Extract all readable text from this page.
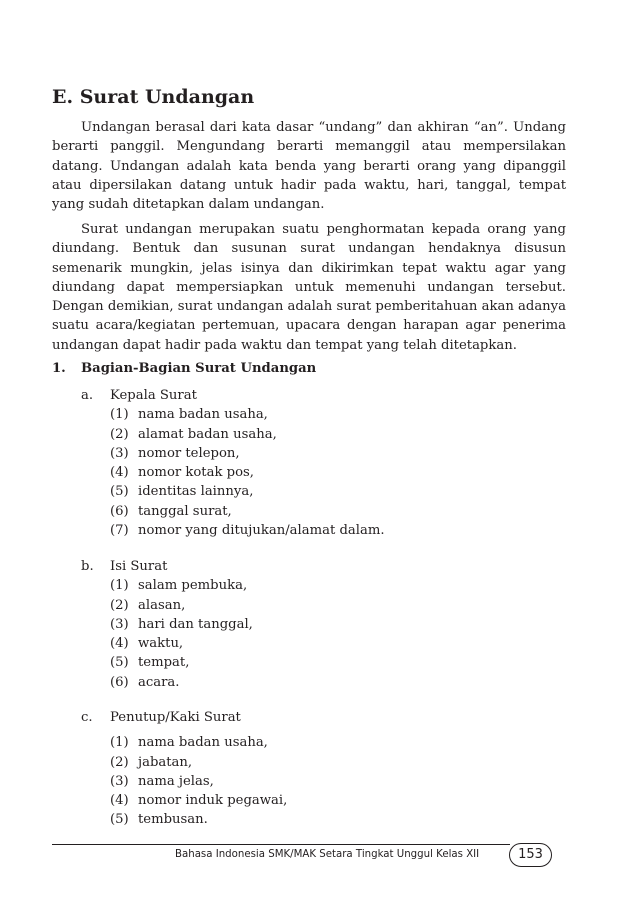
E. Surat Undangan

Undangan berasal dari kata dasar “undang” dan akhiran “an”. Undang berarti panggil. Mengundang berarti memanggil atau mempersilakan datang. Undangan adalah kata benda yang berarti orang yang dipanggil atau dipersilakan datang untuk hadir pada waktu, hari, tanggal, tempat yang sudah ditetapkan dalam undangan.

Surat undangan merupakan suatu penghormatan kepada orang yang diundang. Bentuk dan susunan surat undangan hendaknya disusun semenarik mungkin, jelas isinya dan dikirimkan tepat waktu agar yang diundang dapat mempersiapkan untuk memenuhi undangan tersebut. Dengan demikian, surat undangan adalah surat pemberitahuan akan adanya suatu acara/kegiatan pertemuan, upacara dengan harapan agar penerima undangan dapat hadir pada waktu dan tempat yang telah ditetapkan.

1. Bagian-Bagian Surat Undangan
a. Kepala Surat
(1) nama badan usaha,
(2) alamat badan usaha,
(3) nomor telepon,
(4) nomor kotak pos,
(5) identitas lainnya,
(6) tanggal surat,
(7) nomor yang ditujukan/alamat dalam.
b. Isi Surat
(1) salam pembuka,
(2) alasan,
(3) hari dan tanggal,
(4) waktu,
(5) tempat,
(6) acara.
c. Penutup/Kaki Surat
(1) nama badan usaha,
(2) jabatan,
(3) nama jelas,
(4) nomor induk pegawai,
(5) tembusan.
Bahasa Indonesia SMK/MAK Setara Tingkat Unggul Kelas XII	153
